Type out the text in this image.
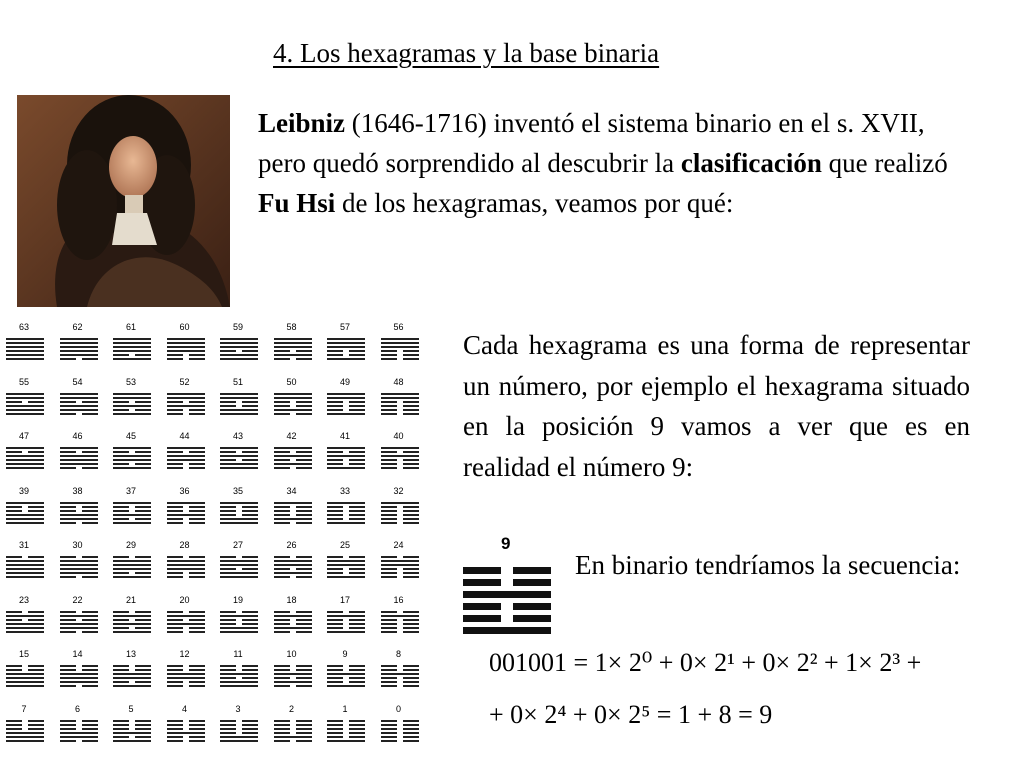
4. Los hexagramas y la base binaria
Leibniz (1646-1716) inventó el sistema binario en el s. XVII, pero quedó sorprendido al descubrir la clasificación que realizó Fu Hsi de los hexagramas, veamos por qué:
63	62	61	60	59	58	57	56
55	54	53	52	51	50	49	48
47	46	45	44	43	42	41	40
39	38	37	36	35	34	33	32
31	30	29	28	27	26	25	24
23	22	21	20	19	18	17	16
15	14	13	12	11	10	9	8
7	6	5	4	3	2	1	0
Cada hexagrama es una forma de representar un número, por ejemplo el hexagrama situado en la posición 9 vamos a ver que es en realidad el número 9:
9
En binario tendríamos la secuencia:
001001 = 1× 2⁰ + 0× 2¹ + 0× 2² + 1× 2³ +
+ 0× 2⁴ + 0× 2⁵ = 1 + 8 = 9
